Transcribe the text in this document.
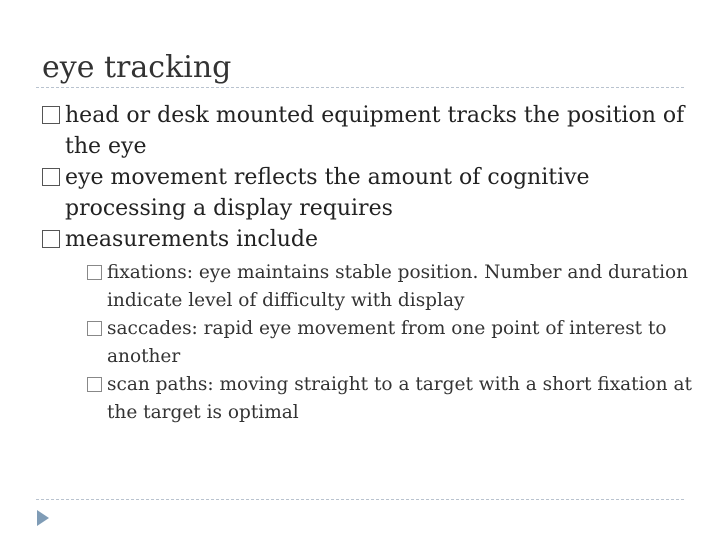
eye tracking
head or desk mounted equipment tracks the position of the eye
eye movement reflects the amount of cognitive processing a display requires
measurements include
fixations: eye maintains stable position. Number and duration indicate level of difficulty with display
saccades: rapid eye movement from one point of interest to another
scan paths: moving straight to a target with a short fixation at the target is optimal
